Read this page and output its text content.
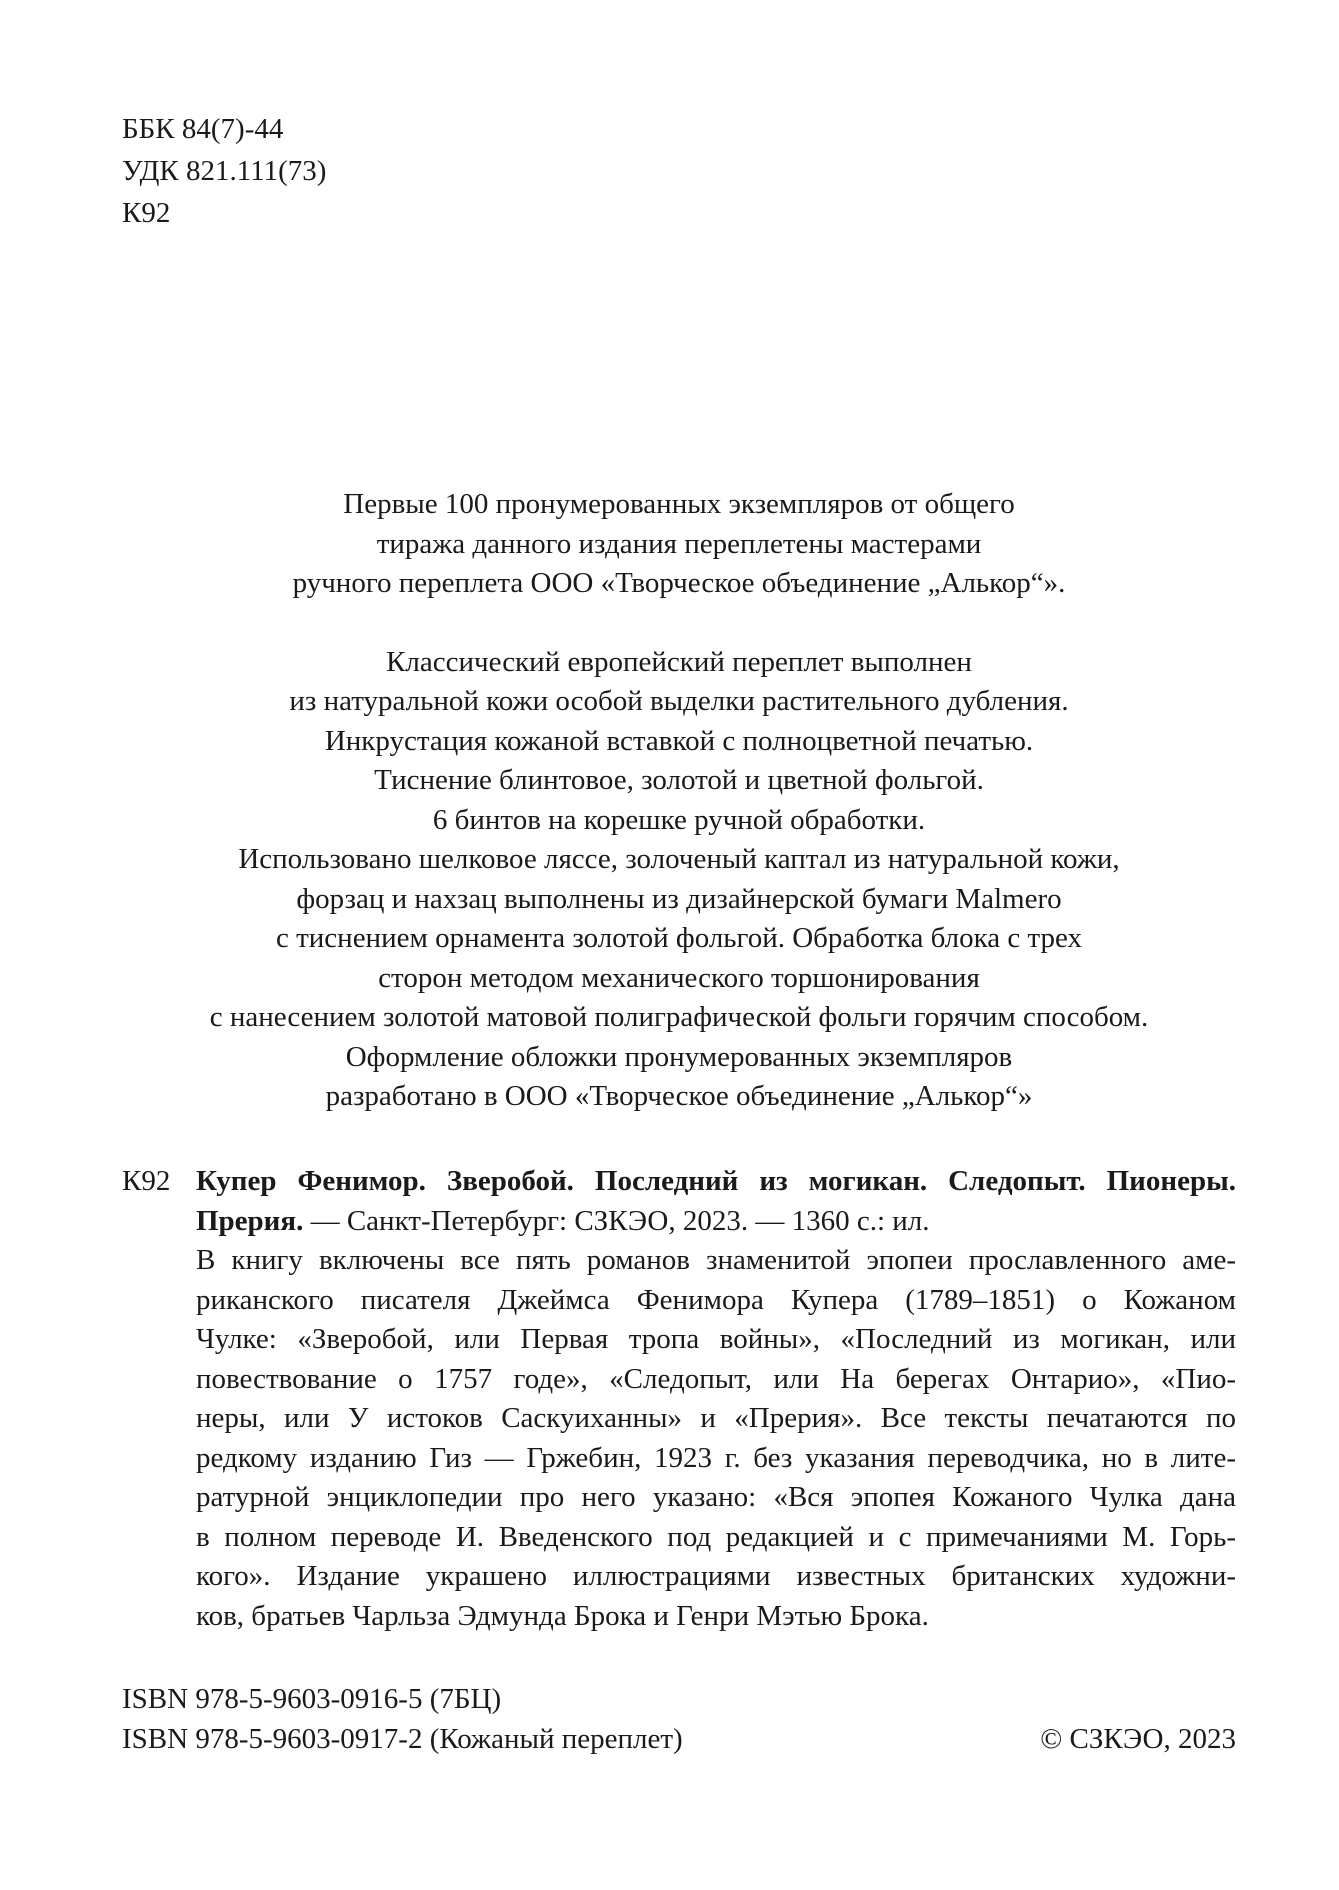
ББК 84(7)-44
УДК 821.111(73)
К92
Первые 100 пронумерованных экземпляров от общего
тиража данного издания переплетены мастерами
ручного переплета ООО «Творческое объединение „Алькор“».
Классический европейский переплет выполнен
из натуральной кожи особой выделки растительного дубления.
Инкрустация кожаной вставкой с полноцветной печатью.
Тиснение блинтовое, золотой и цветной фольгой.
6 бинтов на корешке ручной обработки.
Использовано шелковое ляссе, золоченый каптал из натуральной кожи,
форзац и нахзац выполнены из дизайнерской бумаги Malmero
с тиснением орнамента золотой фольгой. Обработка блока с трех
сторон методом механического торшонирования
с нанесением золотой матовой полиграфической фольги горячим способом.
Оформление обложки пронумерованных экземпляров
разработано в ООО «Творческое объединение „Алькор“»
К92 Купер Фенимор. Зверобой. Последний из могикан. Следопыт. Пионеры.
Прерия. — Санкт-Петербург: СЗКЭО, 2023. — 1360 с.: ил.
В книгу включены все пять романов знаменитой эпопеи прославленного аме-
риканского писателя Джеймса Фенимора Купера (1789–1851) о Кожаном
Чулке: «Зверобой, или Первая тропа войны», «Последний из могикан, или
повествование о 1757 годе», «Следопыт, или На берегах Онтарио», «Пио-
неры, или У истоков Саскуиханны» и «Прерия». Все тексты печатаются по
редкому изданию Гиз — Гржебин, 1923 г. без указания переводчика, но в лите-
ратурной энциклопедии про него указано: «Вся эпопея Кожаного Чулка дана
в полном переводе И. Введенского под редакцией и с примечаниями М. Горь-
кого». Издание украшено иллюстрациями известных британских художни-
ков, братьев Чарльза Эдмунда Брока и Генри Мэтью Брока.
ISBN 978-5-9603-0916-5 (7БЦ)
ISBN 978-5-9603-0917-2 (Кожаный переплет)	© СЗКЭО, 2023
